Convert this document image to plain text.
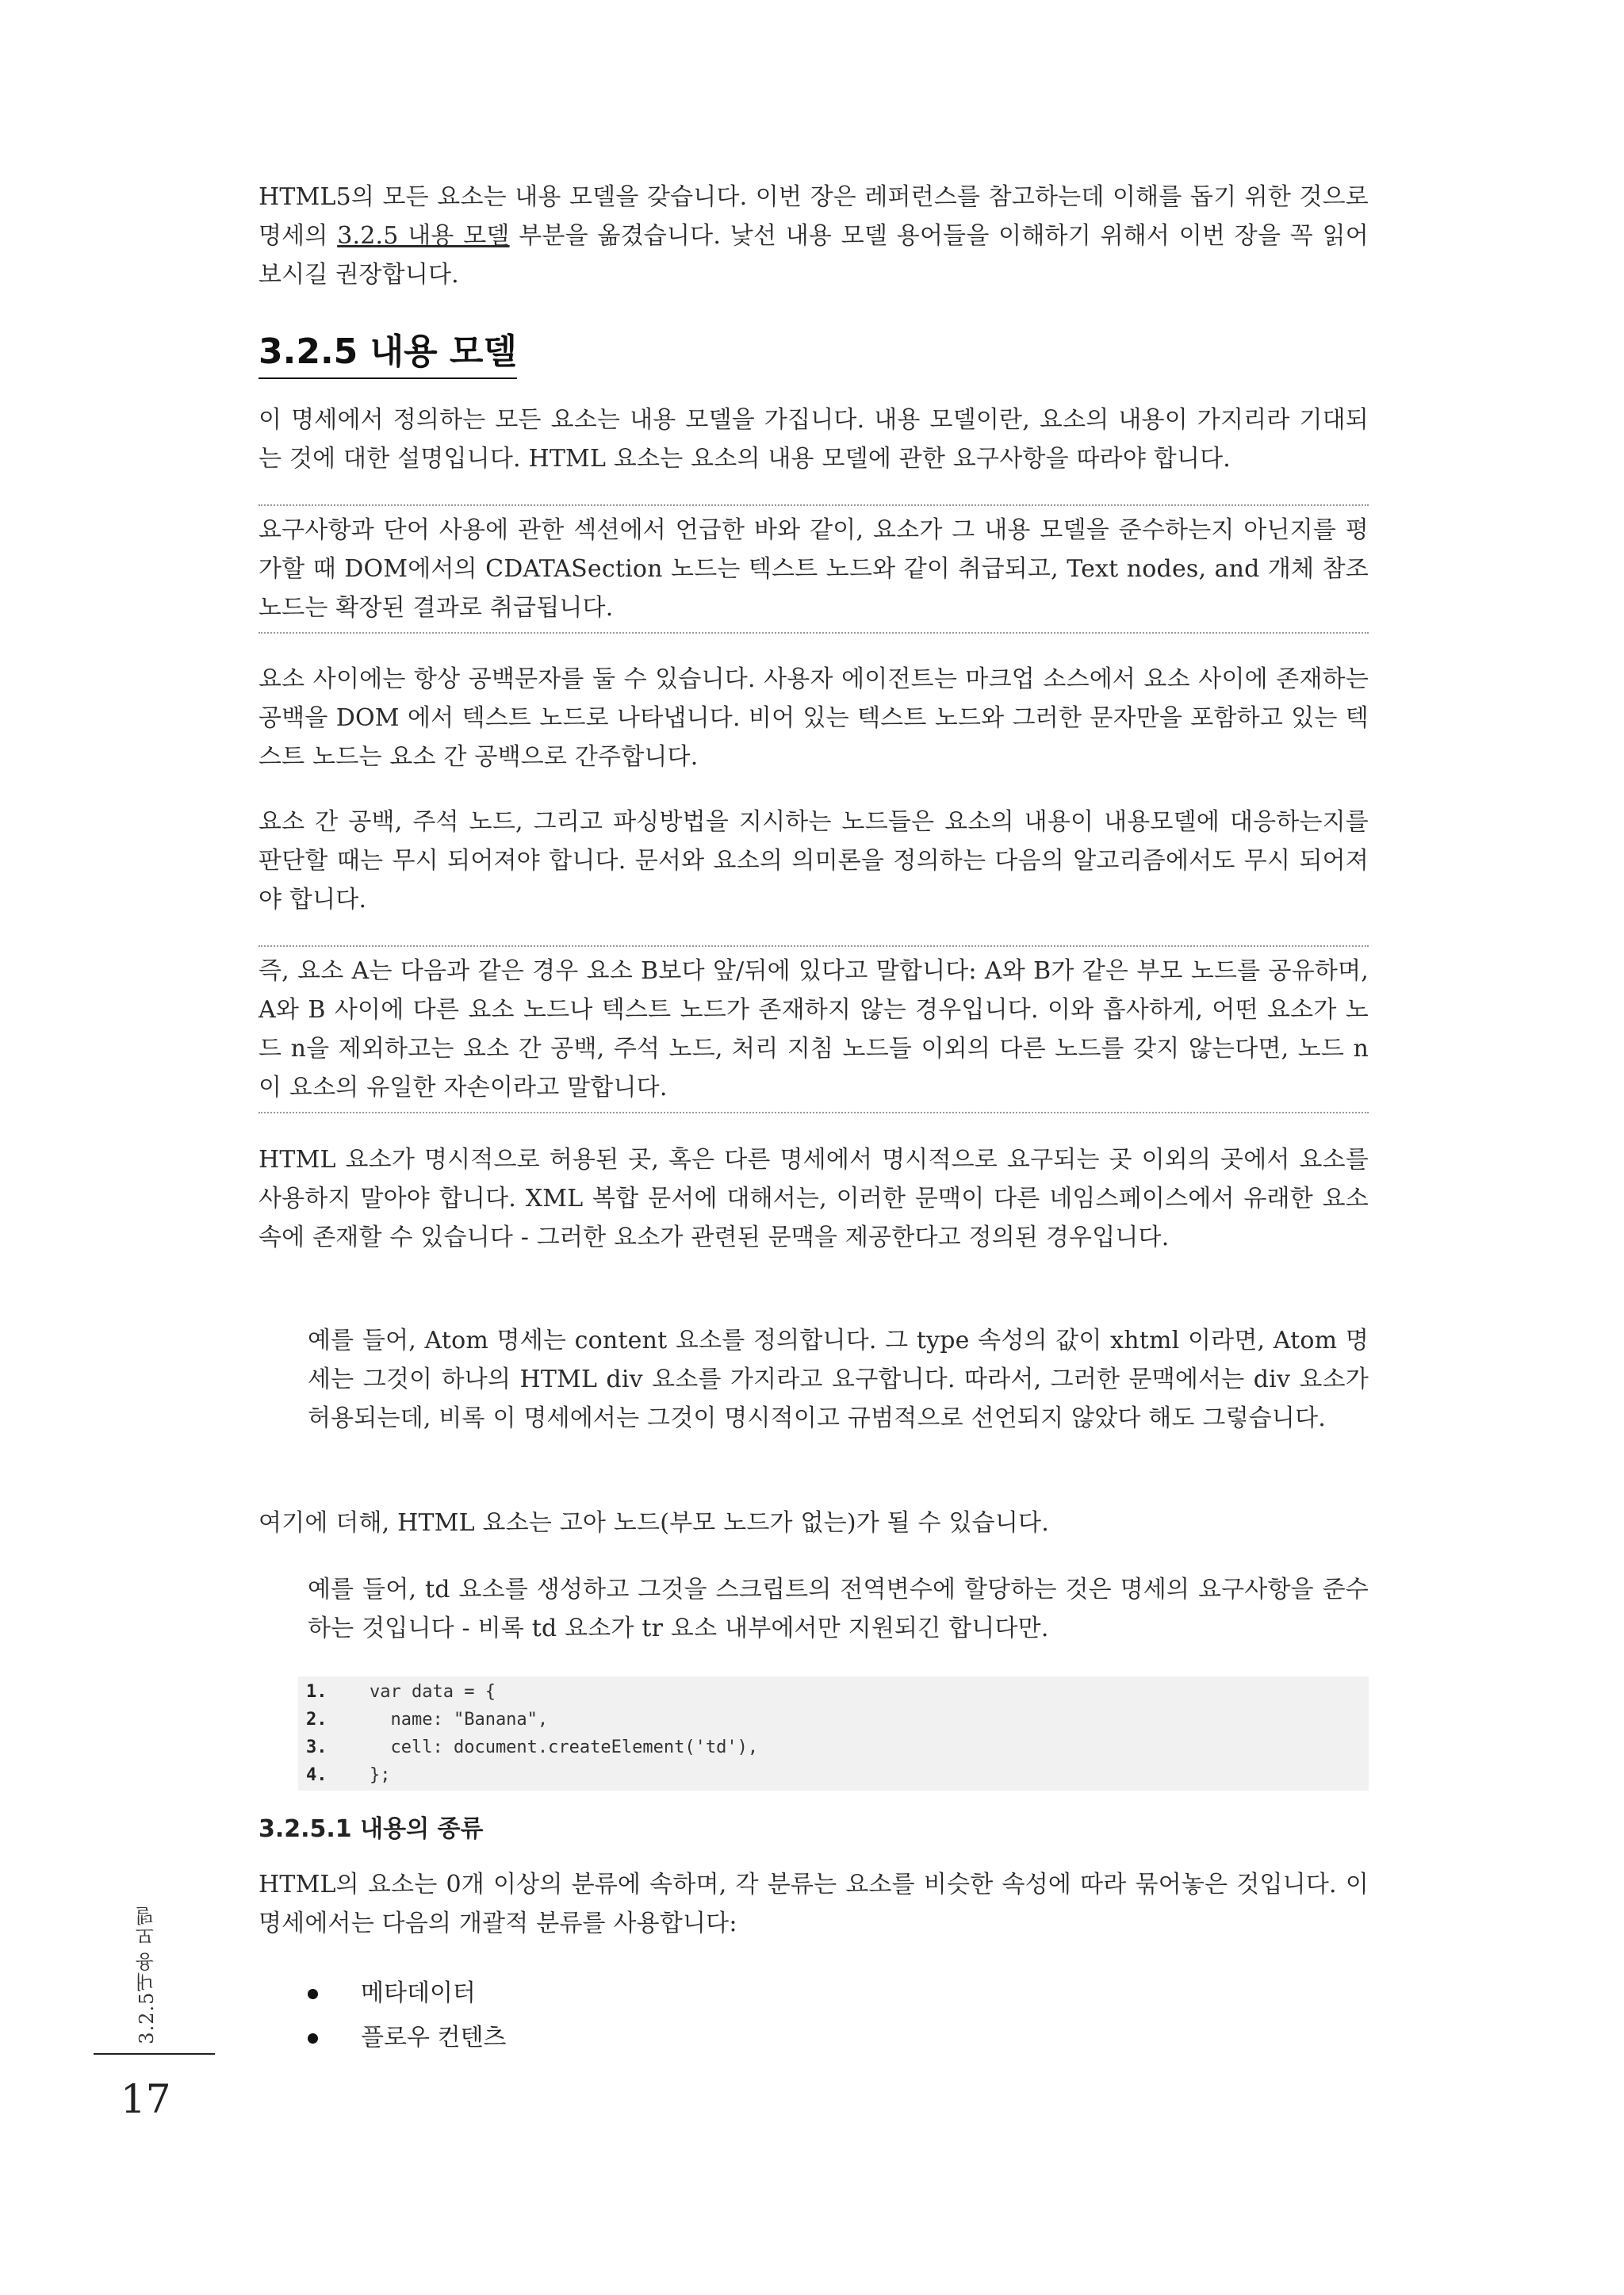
HTML5의 모든 요소는 내용 모델을 갖습니다. 이번 장은 레퍼런스를 참고하는데 이해를 돕기 위한 것으로 명세의 3.2.5 내용 모델 부분을 옮겼습니다. 낯선 내용 모델 용어들을 이해하기 위해서 이번 장을 꼭 읽어보시길 권장합니다.

3.2.5 내용 모델

이 명세에서 정의하는 모든 요소는 내용 모델을 가집니다. 내용 모델이란, 요소의 내용이 가지리라 기대되는 것에 대한 설명입니다. HTML 요소는 요소의 내용 모델에 관한 요구사항을 따라야 합니다.

요구사항과 단어 사용에 관한 섹션에서 언급한 바와 같이, 요소가 그 내용 모델을 준수하는지 아닌지를 평가할 때 DOM에서의 CDATASection 노드는 텍스트 노드와 같이 취급되고, Text nodes, and 개체 참조 노드는 확장된 결과로 취급됩니다.

요소 사이에는 항상 공백문자를 둘 수 있습니다. 사용자 에이전트는 마크업 소스에서 요소 사이에 존재하는 공백을 DOM 에서 텍스트 노드로 나타냅니다. 비어 있는 텍스트 노드와 그러한 문자만을 포함하고 있는 텍스트 노드는 요소 간 공백으로 간주합니다.

요소 간 공백, 주석 노드, 그리고 파싱방법을 지시하는 노드들은 요소의 내용이 내용모델에 대응하는지를 판단할 때는 무시 되어져야 합니다. 문서와 요소의 의미론을 정의하는 다음의 알고리즘에서도 무시 되어져야 합니다.

즉, 요소 A는 다음과 같은 경우 요소 B보다 앞/뒤에 있다고 말합니다: A와 B가 같은 부모 노드를 공유하며, A와 B 사이에 다른 요소 노드나 텍스트 노드가 존재하지 않는 경우입니다. 이와 흡사하게, 어떤 요소가 노드 n을 제외하고는 요소 간 공백, 주석 노드, 처리 지침 노드들 이외의 다른 노드를 갖지 않는다면, 노드 n이 요소의 유일한 자손이라고 말합니다.

HTML 요소가 명시적으로 허용된 곳, 혹은 다른 명세에서 명시적으로 요구되는 곳 이외의 곳에서 요소를 사용하지 말아야 합니다. XML 복합 문서에 대해서는, 이러한 문맥이 다른 네임스페이스에서 유래한 요소 속에 존재할 수 있습니다 - 그러한 요소가 관련된 문맥을 제공한다고 정의된 경우입니다.

예를 들어, Atom 명세는 content 요소를 정의합니다. 그 type 속성의 값이 xhtml 이라면, Atom 명세는 그것이 하나의 HTML div 요소를 가지라고 요구합니다. 따라서, 그러한 문맥에서는 div 요소가 허용되는데, 비록 이 명세에서는 그것이 명시적이고 규범적으로 선언되지 않았다 해도 그렇습니다.

여기에 더해, HTML 요소는 고아 노드(부모 노드가 없는)가 될 수 있습니다.

예를 들어, td 요소를 생성하고 그것을 스크립트의 전역변수에 할당하는 것은 명세의 요구사항을 준수하는 것입니다 - 비록 td 요소가 tr 요소 내부에서만 지원되긴 합니다만.

1.	var data = {
2.	name: "Banana",
3.	cell: document.createElement('td'),
4.	};
3.2.5.1 내용의 종류

HTML의 요소는 0개 이상의 분류에 속하며, 각 분류는 요소를 비슷한 속성에 따라 묶어놓은 것입니다. 이 명세에서는 다음의 개괄적 분류를 사용합니다:

메타데이터
플로우 컨텐츠
3.2.5내용 모델
17
